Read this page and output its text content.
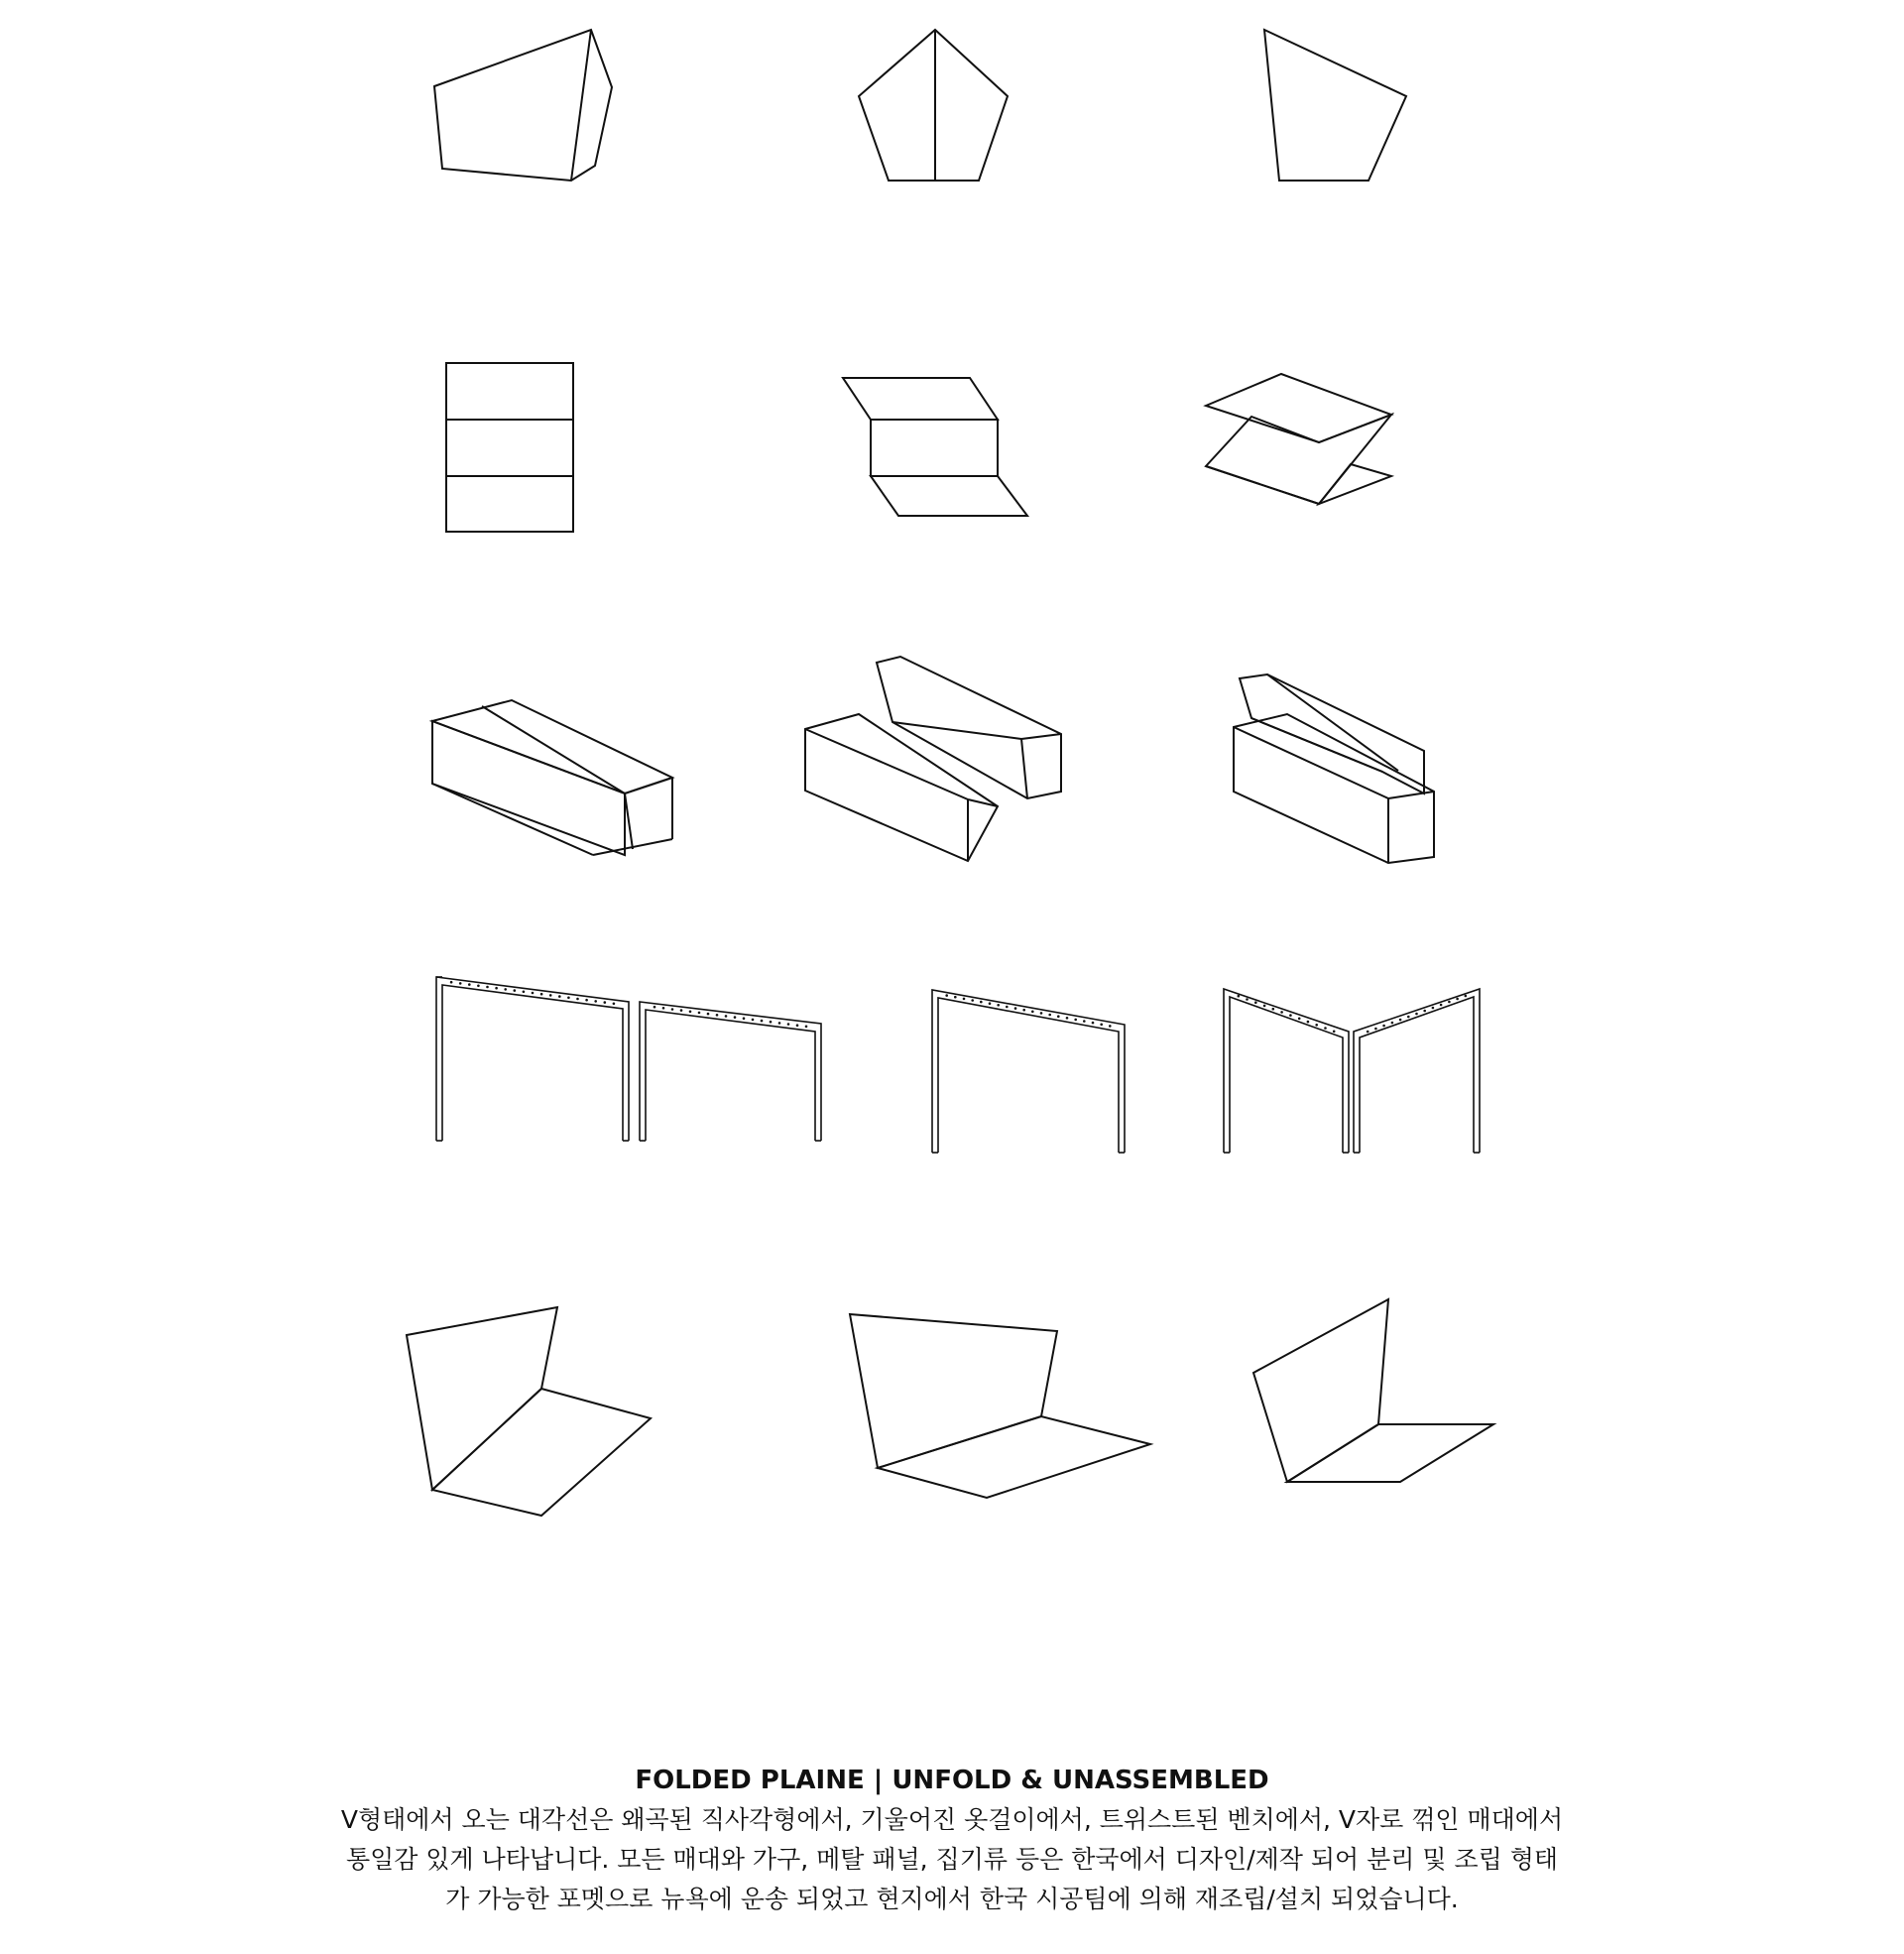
FOLDED PLAINE | UNFOLD & UNASSEMBLED

V형태에서 오는 대각선은 왜곡된 직사각형에서, 기울어진 옷걸이에서, 트위스트된 벤치에서, V자로 꺾인 매대에서

통일감 있게 나타납니다. 모든 매대와 가구, 메탈 패널, 집기류 등은 한국에서 디자인/제작 되어 분리 및 조립 형태

가 가능한 포멧으로 뉴욕에 운송 되었고 현지에서 한국 시공팀에 의해 재조립/설치 되었습니다.
